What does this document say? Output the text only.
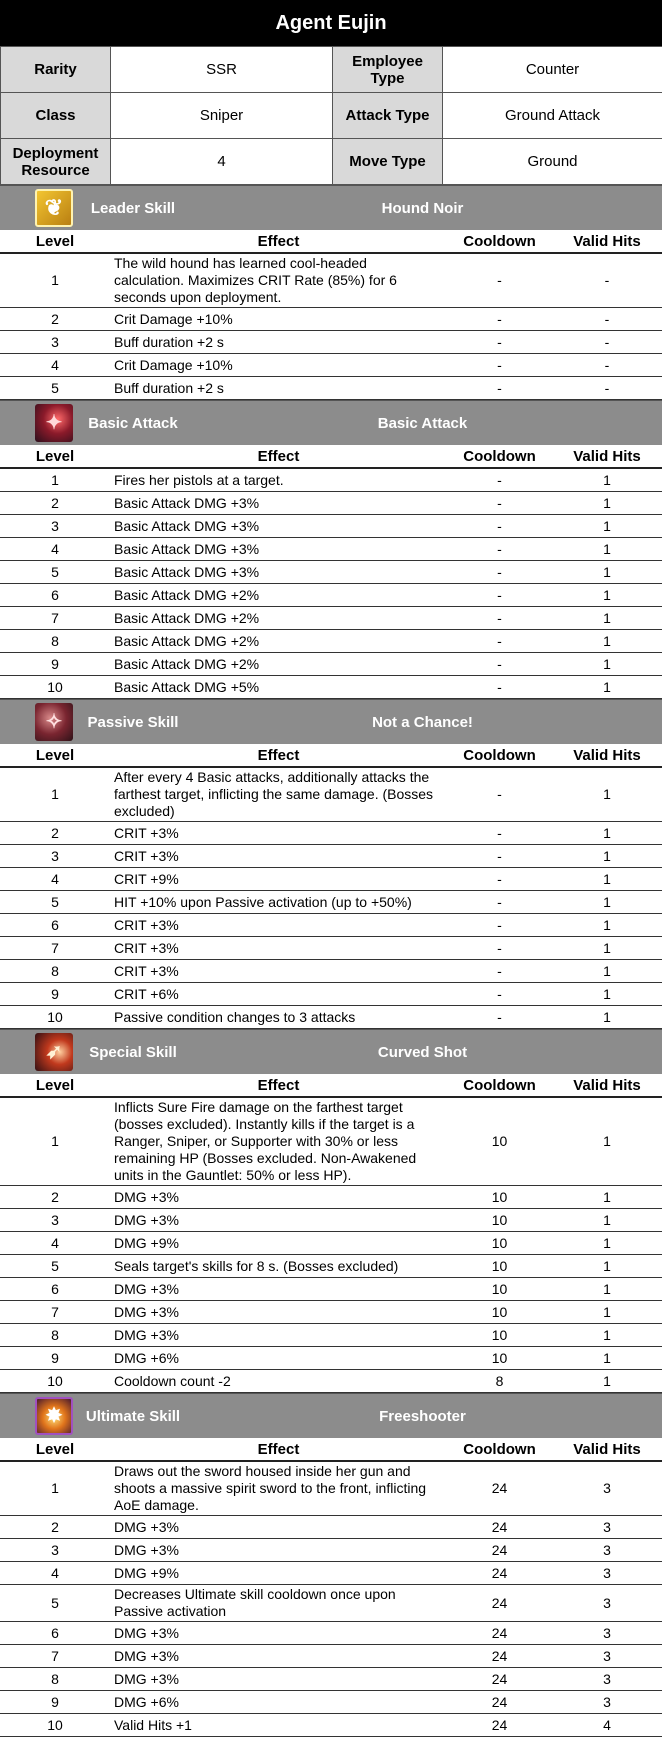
Agent Eujin
Rarity	SSR	Employee Type	Counter
Class	Sniper	Attack Type	Ground Attack
Deployment Resource	4	Move Type	Ground
❦
Leader Skill	Hound Noir
Level	Effect	Cooldown	Valid Hits
1	The wild hound has learned cool-headed calculation. Maximizes CRIT Rate (85%) for 6 seconds upon deployment.	-	-
2	Crit Damage +10%	-	-
3	Buff duration +2 s	-	-
4	Crit Damage +10%	-	-
5	Buff duration +2 s	-	-
✦
Basic Attack	Basic Attack
Level	Effect	Cooldown	Valid Hits
1	Fires her pistols at a target.	-	1
2	Basic Attack DMG +3%	-	1
3	Basic Attack DMG +3%	-	1
4	Basic Attack DMG +3%	-	1
5	Basic Attack DMG +3%	-	1
6	Basic Attack DMG +2%	-	1
7	Basic Attack DMG +2%	-	1
8	Basic Attack DMG +2%	-	1
9	Basic Attack DMG +2%	-	1
10	Basic Attack DMG +5%	-	1
✧
Passive Skill	Not a Chance!
Level	Effect	Cooldown	Valid Hits
1	After every 4 Basic attacks, additionally attacks the farthest target, inflicting the same damage. (Bosses excluded)	-	1
2	CRIT +3%	-	1
3	CRIT +3%	-	1
4	CRIT +9%	-	1
5	HIT +10% upon Passive activation (up to +50%)	-	1
6	CRIT +3%	-	1
7	CRIT +3%	-	1
8	CRIT +3%	-	1
9	CRIT +6%	-	1
10	Passive condition changes to 3 attacks	-	1
➶
Special Skill	Curved Shot
Level	Effect	Cooldown	Valid Hits
1	Inflicts Sure Fire damage on the farthest target (bosses excluded). Instantly kills if the target is a Ranger, Sniper, or Supporter with 30% or less remaining HP (Bosses excluded. Non-Awakened units in the Gauntlet: 50% or less HP).	10	1
2	DMG +3%	10	1
3	DMG +3%	10	1
4	DMG +9%	10	1
5	Seals target's skills for 8 s. (Bosses excluded)	10	1
6	DMG +3%	10	1
7	DMG +3%	10	1
8	DMG +3%	10	1
9	DMG +6%	10	1
10	Cooldown count -2	8	1
✸
Ultimate Skill	Freeshooter
Level	Effect	Cooldown	Valid Hits
1	Draws out the sword housed inside her gun and shoots a massive spirit sword to the front, inflicting AoE damage.	24	3
2	DMG +3%	24	3
3	DMG +3%	24	3
4	DMG +9%	24	3
5	Decreases Ultimate skill cooldown once upon Passive activation	24	3
6	DMG +3%	24	3
7	DMG +3%	24	3
8	DMG +3%	24	3
9	DMG +6%	24	3
10	Valid Hits +1	24	4
